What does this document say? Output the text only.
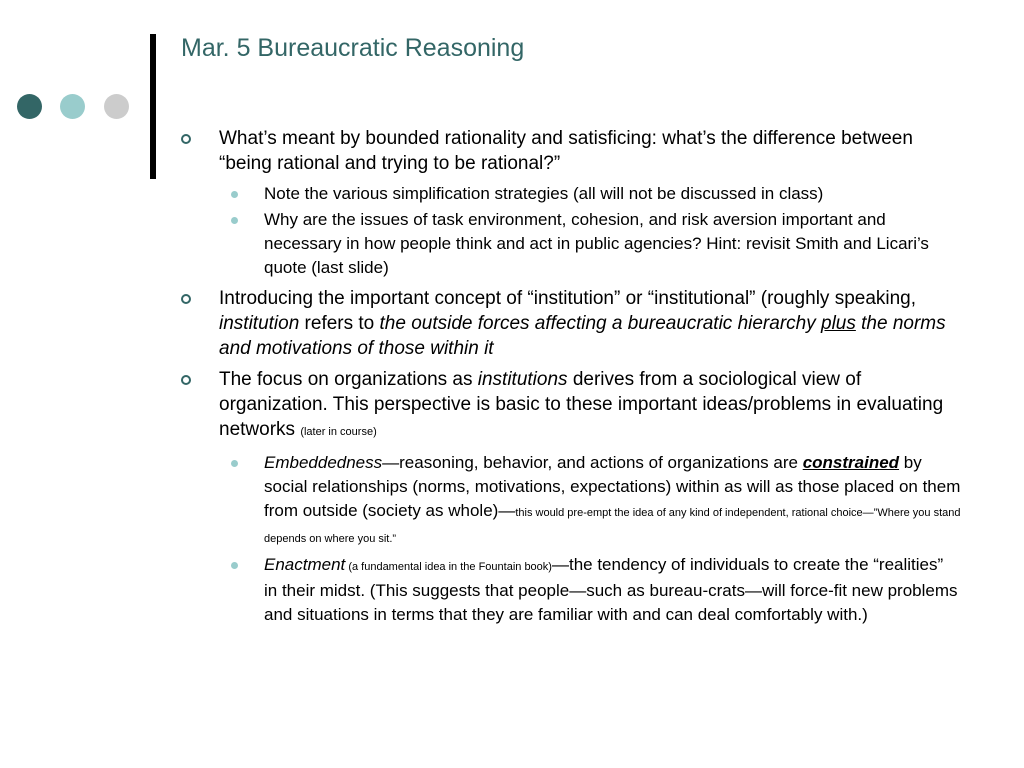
Mar. 5 Bureaucratic Reasoning
What’s meant by bounded rationality and satisficing: what’s the difference between “being rational and trying to be rational?”
Note the various simplification strategies (all will not be discussed in class)
Why are the issues of task environment, cohesion, and risk aversion important and necessary in how people think and act in public agencies? Hint: revisit Smith and Licari’s quote (last slide)
Introducing the important concept of “institution” or “institutional” (roughly speaking, institution refers to the outside forces affecting a bureaucratic hierarchy plus the norms and motivations of those within it
The focus on organizations as institutions derives from a sociological view of organization. This perspective is basic to these important ideas/problems in evaluating networks (later in course)
Embeddedness—reasoning, behavior, and actions of organizations are constrained by social relationships (norms, motivations, expectations) within as will as those placed on them from outside (society as whole)—this would pre-empt the idea of any kind of independent, rational choice—”Where you stand depends on where you sit.”
Enactment (a fundamental idea in the Fountain book)—the tendency of individuals to create the “realities” in their midst. (This suggests that people—such as bureau-crats—will force-fit new problems and situations in terms that they are familiar with and can deal comfortably with.)
